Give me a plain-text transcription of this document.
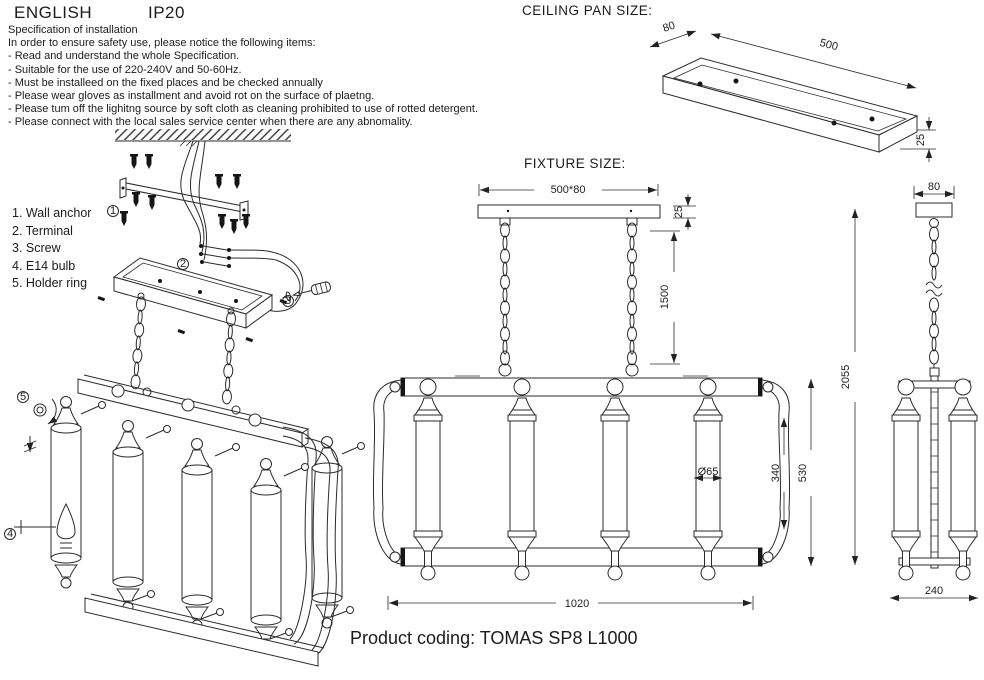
ENGLISH	IP20
Specification of installation
In order to ensure safety use, please notice the following items:
- Read and understand the whole Specification.
- Suitable for the use of 220-240V and 50-60Hz.
- Must be installeed on the fixed places and be checked annually
- Please wear gloves as installment and avoid rot on the surface of plaetng.
- Please tum off the lighitng source by soft cloth as cleaning prohibited to use of rotted detergent.
- Please connect with the local sales service center when there are any abnomality.
1. Wall anchor
2. Terminal
3. Screw
4. E14 bulb
5. Holder ring
CEILING PAN SIZE:
FIXTURE SIZE:
Product coding: TOMAS SP8 L1000
1
2
3
4
5
80
500
25
500*80
25
1500
Ø65	340 530
2055
1020
80
240
